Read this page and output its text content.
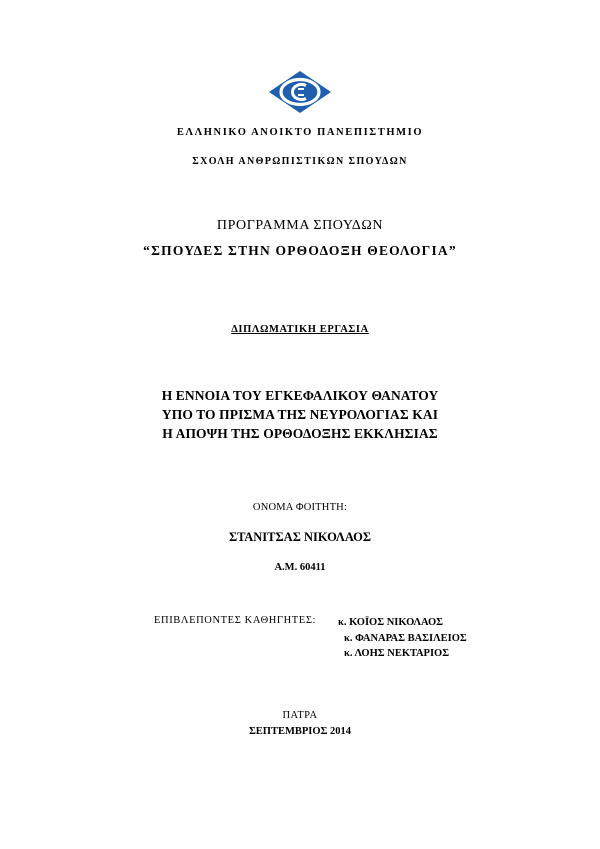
ΕΛΛΗΝΙΚΟ ΑΝΟΙΚΤΟ ΠΑΝΕΠΙΣΤΗΜΙΟ
ΣΧΟΛΗ ΑΝΘΡΩΠΙΣΤΙΚΩΝ ΣΠΟΥΔΩΝ
ΠΡΟΓΡΑΜΜΑ ΣΠΟΥΔΩΝ
“ΣΠΟΥΔΕΣ ΣΤΗΝ ΟΡΘΟΔΟΞΗ ΘΕΟΛΟΓΙΑ”
ΔΙΠΛΩΜΑΤΙΚΗ ΕΡΓΑΣΙΑ
Η ΕΝΝΟΙΑ ΤΟΥ ΕΓΚΕΦΑΛΙΚΟΥ ΘΑΝΑΤΟΥ
ΥΠΟ ΤΟ ΠΡΙΣΜΑ ΤΗΣ ΝΕΥΡΟΛΟΓΙΑΣ ΚΑΙ
Η ΑΠΟΨΗ ΤΗΣ ΟΡΘΟΔΟΞΗΣ ΕΚΚΛΗΣΙΑΣ
ΟΝΟΜΑ ΦΟΙΤΗΤΗ:
ΣΤΑΝΙΤΣΑΣ ΝΙΚΟΛΑΟΣ
Α.Μ. 60411
ΕΠΙΒΛΕΠΟΝΤΕΣ ΚΑΘΗΓΗΤΕΣ: κ. ΚΟΪΟΣ ΝΙΚΟΛΑΟΣ
κ. ΦΑΝΑΡΑΣ ΒΑΣΙΛΕΙΟΣ
κ. ΛΟΗΣ ΝΕΚΤΑΡΙΟΣ
ΠΑΤΡΑ
ΣΕΠΤΕΜΒΡΙΟΣ 2014
